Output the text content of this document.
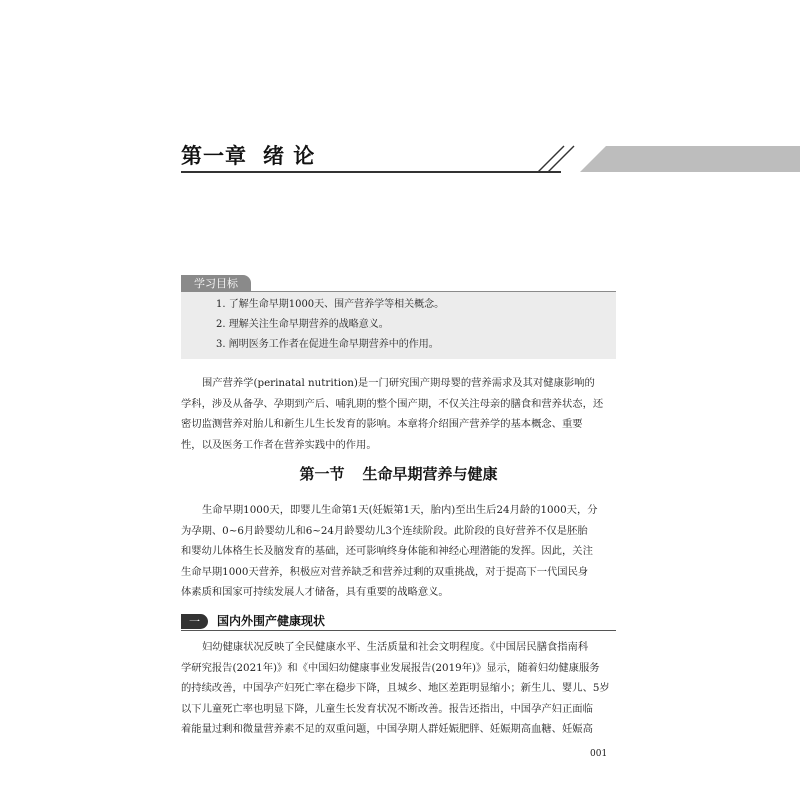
第一章 绪 论
学习目标
1. 了解生命早期1000天、围产营养学等相关概念。
2. 理解关注生命早期营养的战略意义。
3. 阐明医务工作者在促进生命早期营养中的作用。
围产营养学(perinatal nutrition)是一门研究围产期母婴的营养需求及其对健康影响的
学科，涉及从备孕、孕期到产后、哺乳期的整个围产期，不仅关注母亲的膳食和营养状态，还
密切监测营养对胎儿和新生儿生长发育的影响。本章将介绍围产营养学的基本概念、重要
性，以及医务工作者在营养实践中的作用。
第一节 生命早期营养与健康
生命早期1000天，即婴儿生命第1天(妊娠第1天，胎内)至出生后24月龄的1000天，分
为孕期、0~6月龄婴幼儿和6~24月龄婴幼儿3个连续阶段。此阶段的良好营养不仅是胚胎
和婴幼儿体格生长及脑发育的基础，还可影响终身体能和神经心理潜能的发挥。因此，关注
生命早期1000天营养，积极应对营养缺乏和营养过剩的双重挑战，对于提高下一代国民身
体素质和国家可持续发展人才储备，具有重要的战略意义。
一	国内外围产健康现状
妇幼健康状况反映了全民健康水平、生活质量和社会文明程度。《中国居民膳食指南科
学研究报告(2021年)》和《中国妇幼健康事业发展报告(2019年)》显示，随着妇幼健康服务
的持续改善，中国孕产妇死亡率在稳步下降，且城乡、地区差距明显缩小；新生儿、婴儿、5岁
以下儿童死亡率也明显下降，儿童生长发育状况不断改善。报告还指出，中国孕产妇正面临
着能量过剩和微量营养素不足的双重问题，中国孕期人群妊娠肥胖、妊娠期高血糖、妊娠高
001
